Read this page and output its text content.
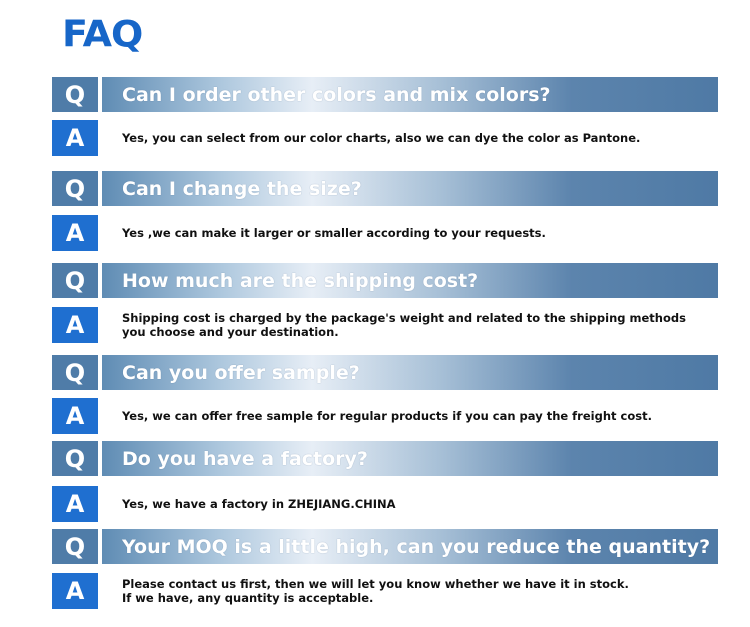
FAQ
Q	Can I order other colors and mix colors?
A	Yes, you can select from our color charts, also we can dye the color as Pantone.
Q	Can I change the size?
A	Yes ,we can make it larger or smaller according to your requests.
Q	How much are the shipping cost?
A	Shipping cost is charged by the package's weight and related to the shipping methods you choose and your destination.
Q	Can you offer sample?
A	Yes, we can offer free sample for regular products if you can pay the freight cost.
Q	Do you have a factory?
A	Yes, we have a factory in ZHEJIANG.CHINA
Q	Your MOQ is a little high, can you reduce the quantity?
A	Please contact us first, then we will let you know whether we have it in stock.
If we have, any quantity is acceptable.
